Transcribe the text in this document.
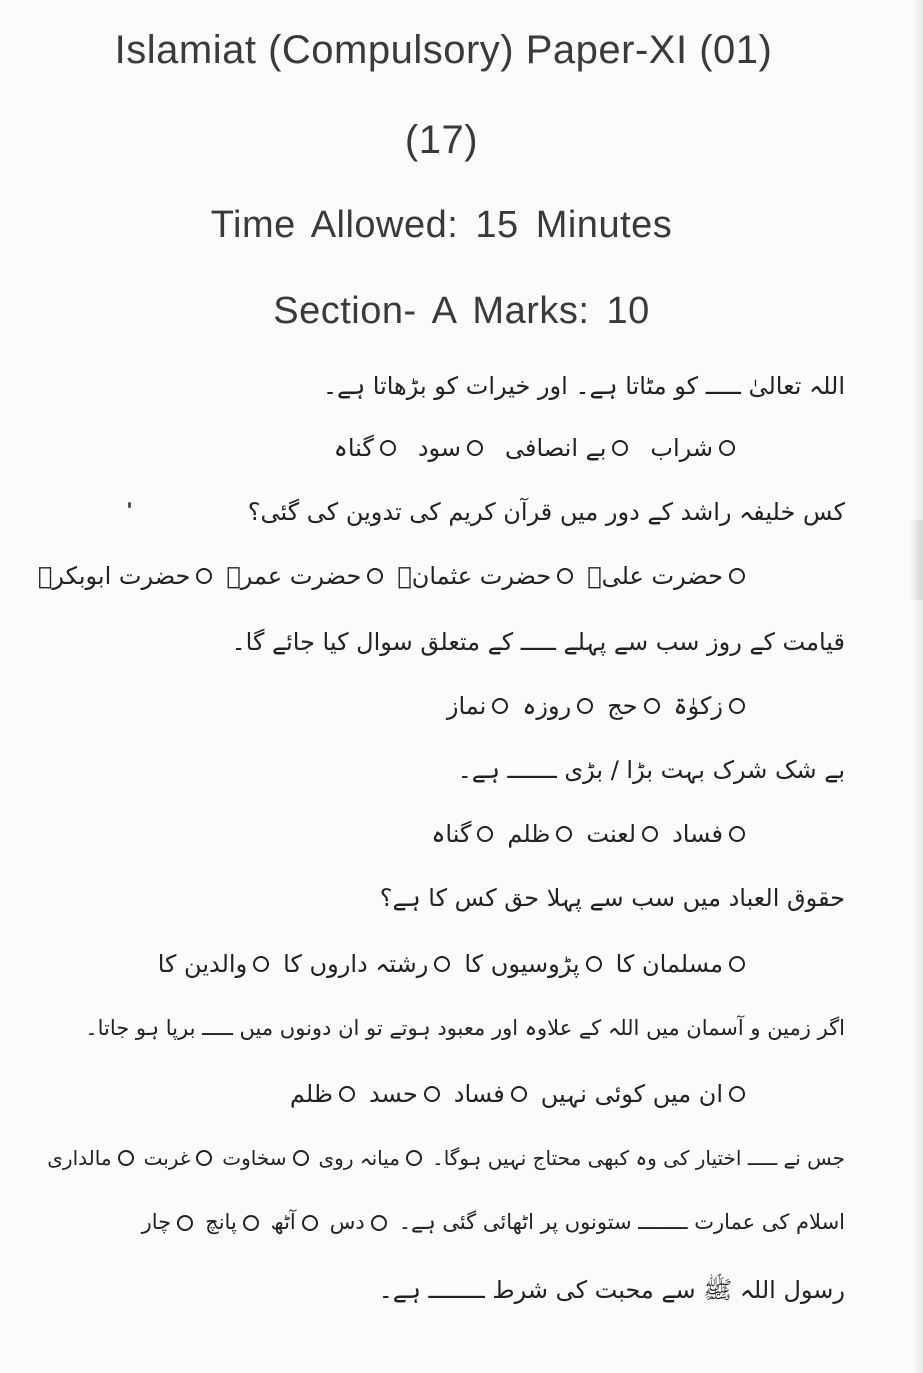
Islamiat (Compulsory) Paper-XI (01)
(17)
Time Allowed: 15 Minutes
Section- A Marks: 10
اللہ تعالیٰ ـــــ کو مٹاتا ہے۔ اور خیرات کو بڑھاتا ہے۔
شراب
بے انصافی
سود
گناہ
کس خلیفہ راشد کے دور میں قرآن کریم کی تدوین کی گئی؟
حضرت علیؓ
حضرت عثمانؓ
حضرت عمرؓ
حضرت ابوبکرؓ
قیامت کے روز سب سے پہلے ـــــ کے متعلق سوال کیا جائے گا۔
زکوٰۃ
حج
روزہ
نماز
بے شک شرک بہت بڑا / بڑی ـــــــ ہے۔
فساد
لعنت
ظلم
گناہ
حقوق العباد میں سب سے پہلا حق کس کا ہے؟
مسلمان کا
پڑوسیوں کا
رشتہ داروں کا
والدین کا
اگر زمین و آسمان میں اللہ کے علاوہ اور معبود ہوتے تو ان دونوں میں ـــــ برپا ہو جاتا۔
ان میں کوئی نہیں
فساد
حسد
ظلم
جس نے ـــــ اختیار کی وہ کبھی محتاج نہیں ہوگا۔
میانہ روی
سخاوت
غربت
مالداری
اسلام کی عمارت ــــــــ ستونوں پر اٹھائی گئی ہے۔
دس
آٹھ
پانچ
چار
رسول اللہ ﷺ سے محبت کی شرط ــــــــ ہے۔
